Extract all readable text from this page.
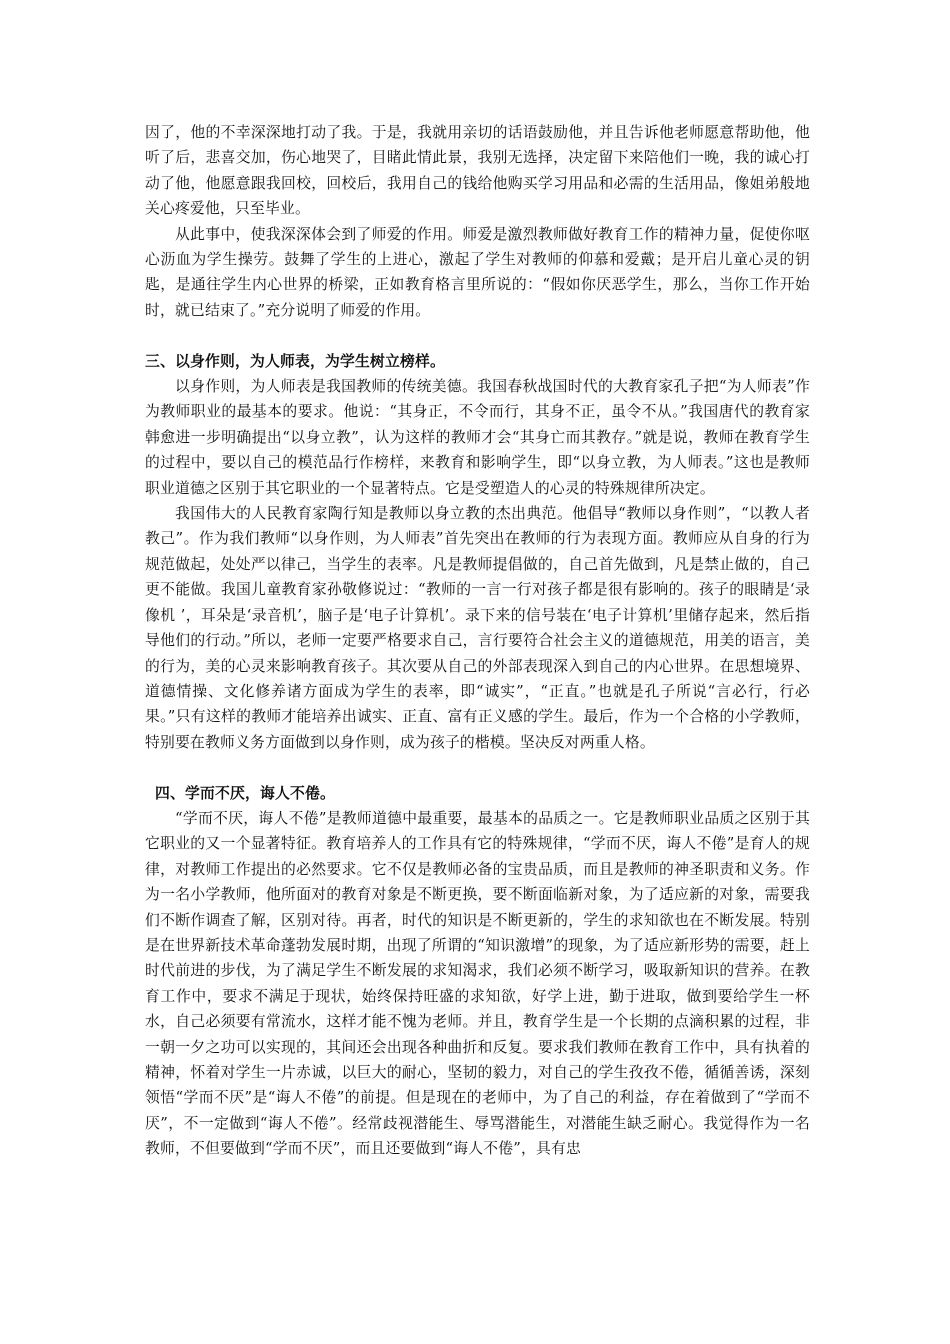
因了，他的不幸深深地打动了我。于是，我就用亲切的话语鼓励他，并且告诉他老师愿意帮助他，他听了后，悲喜交加，伤心地哭了，目睹此情此景，我别无选择，决定留下来陪他们一晚，我的诚心打动了他，他愿意跟我回校，回校后，我用自己的钱给他购买学习用品和必需的生活用品，像姐弟般地关心疼爱他，只至毕业。

从此事中，使我深深体会到了师爱的作用。师爱是激烈教师做好教育工作的精神力量，促使你呕心沥血为学生操劳。鼓舞了学生的上进心，激起了学生对教师的仰慕和爱戴；是开启儿童心灵的钥匙，是通往学生内心世界的桥梁，正如教育格言里所说的：“假如你厌恶学生，那么，当你工作开始时，就已结束了。”充分说明了师爱的作用。

三、以身作则，为人师表，为学生树立榜样。

以身作则，为人师表是我国教师的传统美德。我国春秋战国时代的大教育家孔子把“为人师表”作为教师职业的最基本的要求。他说：“其身正，不令而行，其身不正，虽令不从。”我国唐代的教育家韩愈进一步明确提出“以身立教”，认为这样的教师才会“其身亡而其教存。”就是说，教师在教育学生的过程中，要以自己的模范品行作榜样，来教育和影响学生，即“以身立教，为人师表。”这也是教师职业道德之区别于其它职业的一个显著特点。它是受塑造人的心灵的特殊规律所决定。

我国伟大的人民教育家陶行知是教师以身立教的杰出典范。他倡导“教师以身作则”，“以教人者教己”。作为我们教师“以身作则，为人师表”首先突出在教师的行为表现方面。教师应从自身的行为规范做起，处处严以律己，当学生的表率。凡是教师提倡做的，自己首先做到，凡是禁止做的，自己更不能做。我国儿童教育家孙敬修说过：“教师的一言一行对孩子都是很有影响的。孩子的眼睛是‘录像机 ’，耳朵是‘录音机’，脑子是‘电子计算机’。录下来的信号装在‘电子计算机’里储存起来，然后指导他们的行动。”所以，老师一定要严格要求自己，言行要符合社会主义的道德规范，用美的语言，美的行为，美的心灵来影响教育孩子。其次要从自己的外部表现深入到自己的内心世界。在思想境界、道德情操、文化修养诸方面成为学生的表率，即“诚实”，“正直。”也就是孔子所说“言必行，行必果。”只有这样的教师才能培养出诚实、正直、富有正义感的学生。最后，作为一个合格的小学教师，特别要在教师义务方面做到以身作则，成为孩子的楷模。坚决反对两重人格。

四、学而不厌，诲人不倦。

“学而不厌，诲人不倦”是教师道德中最重要，最基本的品质之一。它是教师职业品质之区别于其它职业的又一个显著特征。教育培养人的工作具有它的特殊规律，“学而不厌，诲人不倦”是育人的规律，对教师工作提出的必然要求。它不仅是教师必备的宝贵品质，而且是教师的神圣职责和义务。作为一名小学教师，他所面对的教育对象是不断更换，要不断面临新对象，为了适应新的对象，需要我们不断作调查了解，区别对待。再者，时代的知识是不断更新的，学生的求知欲也在不断发展。特别是在世界新技术革命蓬勃发展时期，出现了所谓的“知识激增”的现象，为了适应新形势的需要，赶上时代前进的步伐，为了满足学生不断发展的求知渴求，我们必须不断学习，吸取新知识的营养。在教育工作中，要求不满足于现状，始终保持旺盛的求知欲，好学上进，勤于进取，做到要给学生一杯水，自己必须要有常流水，这样才能不愧为老师。并且，教育学生是一个长期的点滴积累的过程，非一朝一夕之功可以实现的，其间还会出现各种曲折和反复。要求我们教师在教育工作中，具有执着的精神，怀着对学生一片赤诚，以巨大的耐心，坚韧的毅力，对自己的学生孜孜不倦，循循善诱，深刻领悟“学而不厌”是“诲人不倦”的前提。但是现在的老师中，为了自己的利益，存在着做到了“学而不厌”，不一定做到“诲人不倦”。经常歧视潜能生、辱骂潜能生，对潜能生缺乏耐心。我觉得作为一名教师，不但要做到“学而不厌”，而且还要做到“诲人不倦”，具有忠
